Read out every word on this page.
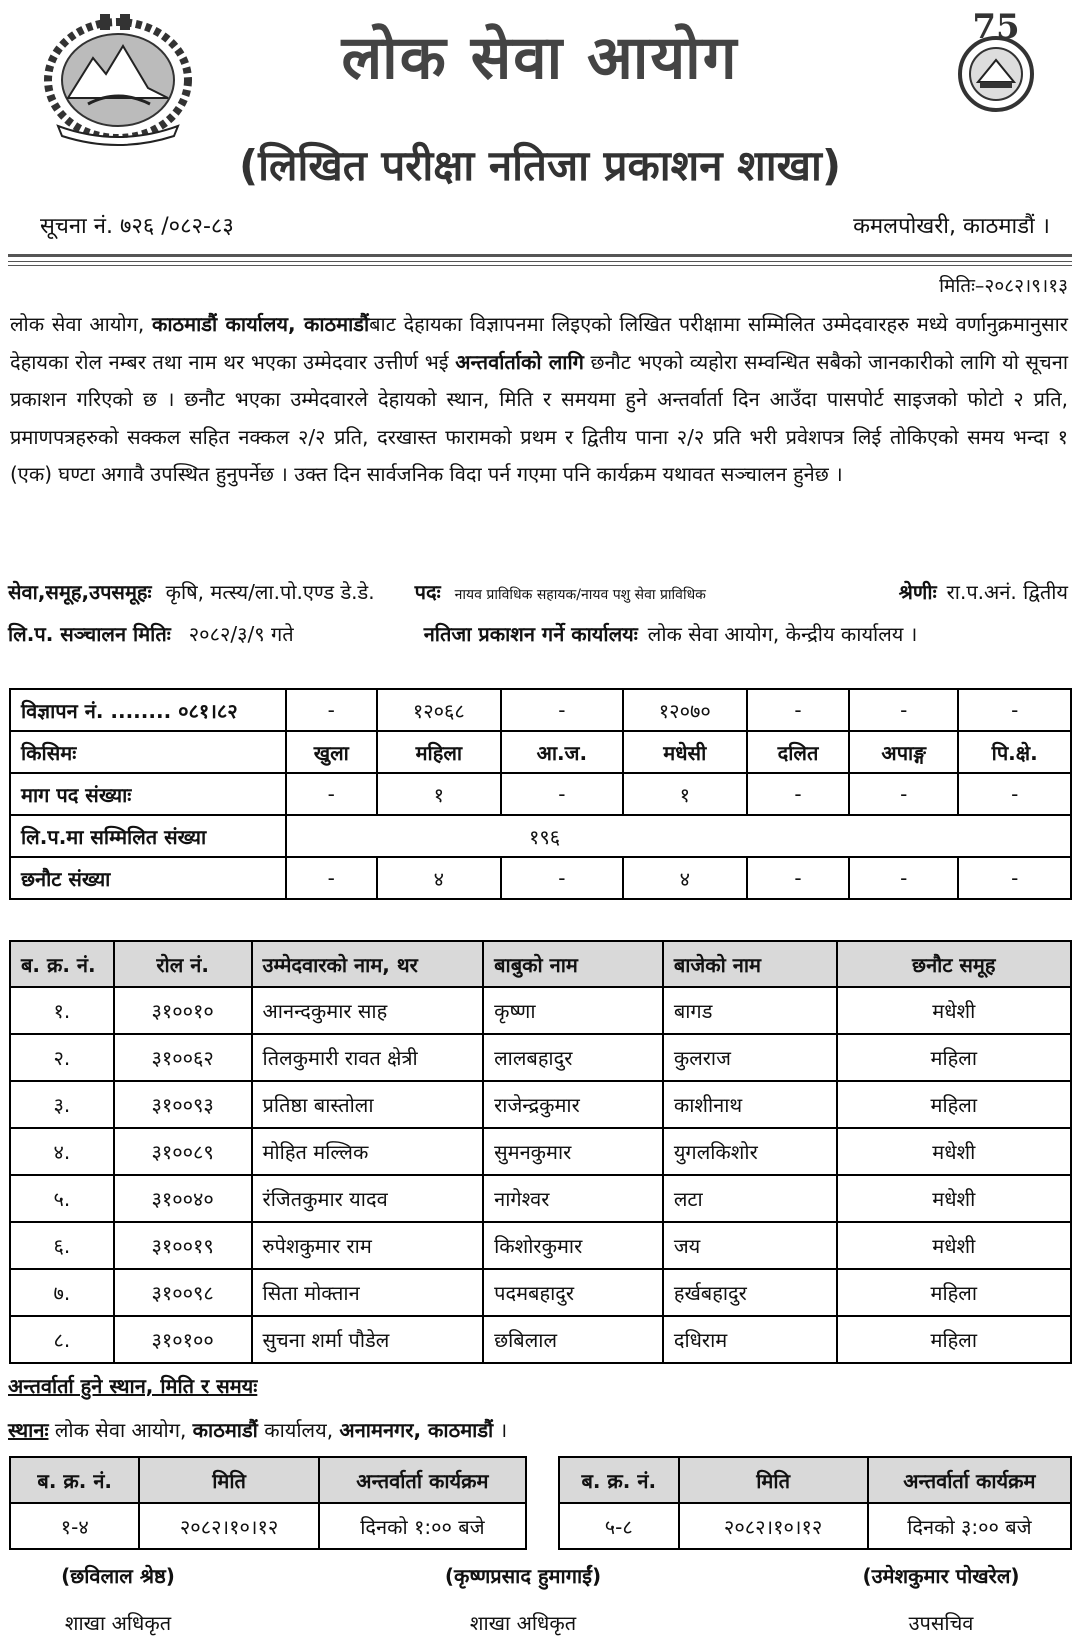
75
लोक सेवा आयोग
(लिखित परीक्षा नतिजा प्रकाशन शाखा)
सूचना नं. ७२६ /०८२-८३	कमलपोखरी, काठमाडौं ।
मितिः–२०८२।९।१३
लोक सेवा आयोग, काठमाडौं कार्यालय, काठमाडौंबाट देहायका विज्ञापनमा लिइएको लिखित परीक्षामा सम्मिलित उम्मेदवारहरु मध्ये वर्णानुक्रमानुसार देहायका रोल नम्बर तथा नाम थर भएका उम्मेदवार उत्तीर्ण भई अन्तर्वार्ताको लागि छनौट भएको व्यहोरा सम्वन्धित सबैको जानकारीको लागि यो सूचना प्रकाशन गरिएको छ । छनौट भएका उम्मेदवारले देहायको स्थान, मिति र समयमा हुने अन्तर्वार्ता दिन आउँदा पासपोर्ट साइजको फोटो २ प्रति, प्रमाणपत्रहरुको सक्कल सहित नक्कल २/२ प्रति, दरखास्त फारामको प्रथम र द्वितीय पाना २/२ प्रति भरी प्रवेशपत्र लिई तोकिएको समय भन्दा १ (एक) घण्टा अगावै उपस्थित हुनुपर्नेछ । उक्त दिन सार्वजनिक विदा पर्न गएमा पनि कार्यक्रम यथावत सञ्चालन हुनेछ ।
सेवा,समूह,उपसमूहः कृषि, मत्स्य/ला.पो.एण्ड डे.डे. पदः नायव प्राविधिक सहायक/नायव पशु सेवा प्राविधिक	श्रेणीः रा.प.अनं. द्वितीय
लि.प. सञ्चालन मितिः २०८२/३/९ गते	नतिजा प्रकाशन गर्ने कार्यालयः लोक सेवा आयोग, केन्द्रीय कार्यालय ।
विज्ञापन नं. ........ ०८१।८२	-	१२०६८	-	१२०७०	-	-	-
किसिमः	खुला	महिला	आ.ज.	मधेसी	दलित	अपाङ्ग	पि.क्षे.
माग पद संख्याः	-	१	-	१	-	-	-
लि.प.मा सम्मिलित संख्या	१९६						
छनौट संख्या	-	४	-	४	-	-	-
ब. क्र. नं.	रोल नं.	उम्मेदवारको नाम, थर	बाबुको नाम	बाजेको नाम	छनौट समूह
१.	३१००१०	आनन्दकुमार साह	कृष्णा	बागड	मधेशी
२.	३१००६२	तिलकुमारी रावत क्षेत्री	लालबहादुर	कुलराज	महिला
३.	३१००९३	प्रतिष्ठा बास्तोला	राजेन्द्रकुमार	काशीनाथ	महिला
४.	३१००८९	मोहित मल्लिक	सुमनकुमार	युगलकिशोर	मधेशी
५.	३१००४०	रंजितकुमार यादव	नागेश्वर	लटा	मधेशी
६.	३१००१९	रुपेशकुमार राम	किशोरकुमार	जय	मधेशी
७.	३१००९८	सिता मोक्तान	पदमबहादुर	हर्खबहादुर	महिला
८.	३१०१००	सुचना शर्मा पौडेल	छबिलाल	दधिराम	महिला
अन्तर्वार्ता हुने स्थान, मिति र समयः
स्थानः लोक सेवा आयोग, काठमाडौं कार्यालय, अनामनगर, काठमाडौं ।
ब. क्र. नं.	मिति	अन्तर्वार्ता कार्यक्रम
१-४	२०८२।१०।१२	दिनको १:०० बजे
ब. क्र. नं.	मिति	अन्तर्वार्ता कार्यक्रम
५-८	२०८२।१०।१२	दिनको ३:०० बजे
(छविलाल श्रेष्ठ)
शाखा अधिकृत
(कृष्णप्रसाद हुमागाईं)
शाखा अधिकृत
(उमेशकुमार पोखरेल)
उपसचिव
